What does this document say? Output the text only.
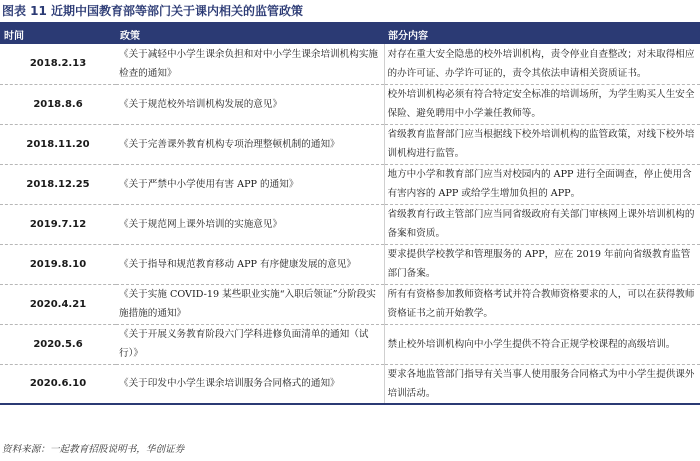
图表 11 近期中国教育部等部门关于课内相关的监管政策
时间	政策	部分内容
2018.2.13	《关于减轻中小学生课余负担和对中小学生课余培训机构实施检查的通知》	对存在重大安全隐患的校外培训机构，责令停业自查整改；对未取得相应的办许可证、办学许可证的，责令其依法申请相关资质证书。
2018.8.6	《关于规范校外培训机构发展的意见》	校外培训机构必须有符合特定安全标准的培训场所，为学生购买人生安全保险、避免聘用中小学兼任教师等。
2018.11.20	《关于完善课外教育机构专项治理整顿机制的通知》	省级教育监督部门应当根据线下校外培训机构的监管政策，对线下校外培训机构进行监管。
2018.12.25	《关于严禁中小学使用有害 APP 的通知》	地方中小学和教育部门应当对校园内的 APP 进行全面调查，停止使用含有害内容的 APP 或给学生增加负担的 APP。
2019.7.12	《关于规范网上课外培训的实施意见》	省级教育行政主管部门应当同省级政府有关部门审核网上课外培训机构的备案和资质。
2019.8.10	《关于指导和规范教育移动 APP 有序健康发展的意见》	要求提供学校教学和管理服务的 APP，应在 2019 年前向省级教育监管部门备案。
2020.4.21	《关于实施 COVID-19 某些职业实施“入职后领证”分阶段实施措施的通知》	所有有资格参加教师资格考试并符合教师资格要求的人，可以在获得教师资格证书之前开始教学。
2020.5.6	《关于开展义务教育阶段六门学科进修负面清单的通知（试行）》	禁止校外培训机构向中小学生提供不符合正规学校课程的高级培训。
2020.6.10	《关于印发中小学生课余培训服务合同格式的通知》	要求各地监管部门指导有关当事人使用服务合同格式为中小学生提供课外培训活动。
资料来源：一起教育招股说明书，华创证券
